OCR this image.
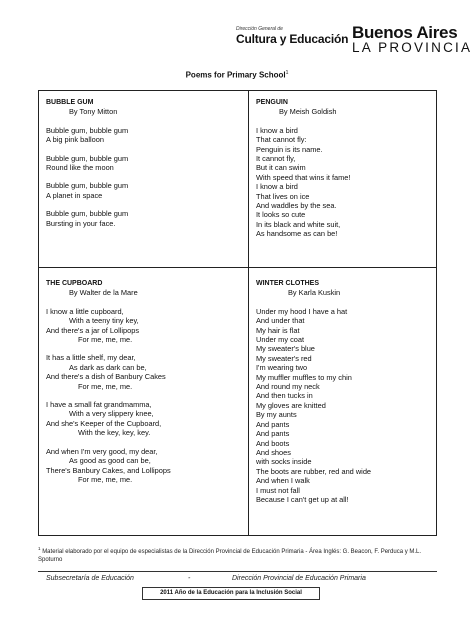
Dirección General de
Cultura y Educación Buenos Aires
LA PROVINCIA
Poems for Primary School$^1$
BUBBLE GUM
By Tony Mitton
Bubble gum, bubble gum
A big pink balloon
Bubble gum, bubble gum
Round like the moon
Bubble gum, bubble gum
A planet in space
Bubble gum, bubble gum
Bursting in your face.
PENGUIN
By Meish Goldish
I know a bird
That cannot fly:
Penguin is its name.
It cannot fly,
But it can swim
With speed that wins it fame!
I know a bird
That lives on ice
And waddles by the sea.
It looks so cute
In its black and white suit,
As handsome as can be!
THE CUPBOARD
By Walter de la Mare
I know a little cupboard,
With a teeny tiny key,
And there's a jar of Lollipops
For me, me, me.
It has a little shelf, my dear,
As dark as dark can be,
And there's a dish of Banbury Cakes
For me, me, me.
I have a small fat grandmamma,
With a very slippery knee,
And she's Keeper of the Cupboard,
With the key, key, key.
And when I'm very good, my dear,
As good as good can be,
There's Banbury Cakes, and Lollipops
For me, me, me.
WINTER CLOTHES
By Karla Kuskin
Under my hood I have a hat
And under that
My hair is flat
Under my coat
My sweater's blue
My sweater's red
I'm wearing two
My muffler muffles to my chin
And round my neck
And then tucks in
My gloves are knitted
By my aunts
And pants
And pants
And boots
And shoes
with socks inside
The boots are rubber, red and wide
And when I walk
I must not fall
Because I can't get up at all!
$^1$ Material elaborado por el equipo de especialistas de la Dirección Provincial de Educación Primaria - Área Inglés: G. Beacon, F. Perduca y M.L. Spoturno
Subsecretaría de Educación	-	Dirección Provincial de Educación Primaria
2011 Año de la Educación para la Inclusión Social
